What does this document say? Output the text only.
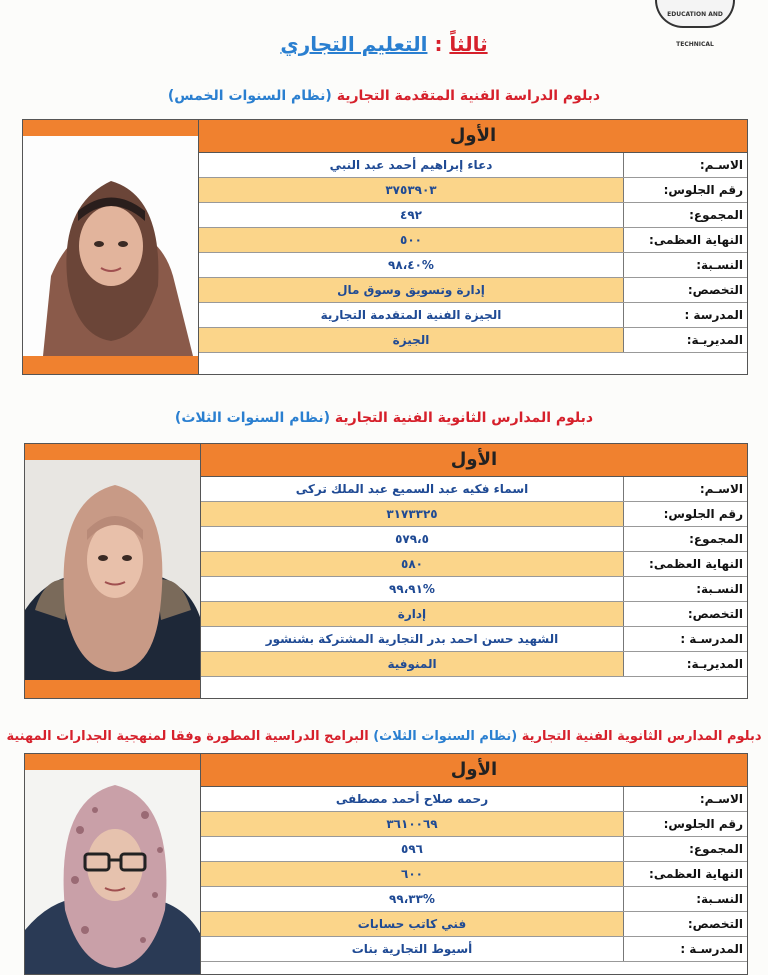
EDUCATION AND TECHNICAL
ثالثاً : التعليم التجاري
دبلوم الدراسة الفنية المتقدمة التجارية (نظام السنوات الخمس)
الأول
الاسـم:
دعاء إبراهيم أحمد عبد النبي
رقم الجلوس:
٣٧٥٣٩٠٣
المجموع:
٤٩٢
النهاية العظمى:
٥٠٠
النسـبة:
%٩٨،٤٠
التخصص:
إدارة وتسويق وسوق مال
المدرسة :
الجيزة الفنية المتقدمة التجارية
المديريـة:
الجيزة
دبلوم المدارس الثانوية الفنية التجارية (نظام السنوات الثلاث)
الأول
الاسـم:
اسماء فكيه عبد السميع عبد الملك تركى
رقم الجلوس:
٣١٧٣٣٢٥
المجموع:
٥٧٩،٥
النهاية العظمى:
٥٨٠
النسـبة:
%٩٩،٩١
التخصص:
إدارة
المدرسـة :
الشهيد حسن احمد بدر التجارية المشتركة بشنشور
المديريـة:
المنوفية
دبلوم المدارس الثانوية الفنية التجارية (نظام السنوات الثلاث) البرامج الدراسية المطورة وفقا لمنهجية الجدارات المهنية
الأول
الاسـم:
رحمه صلاح أحمد مصطفى
رقم الجلوس:
٣٦١٠٠٦٩
المجموع:
٥٩٦
النهاية العظمى:
٦٠٠
النسـبة:
%٩٩،٣٣
التخصص:
فني كاتب حسابات
المدرسـة :
أسيوط التجارية بنات
